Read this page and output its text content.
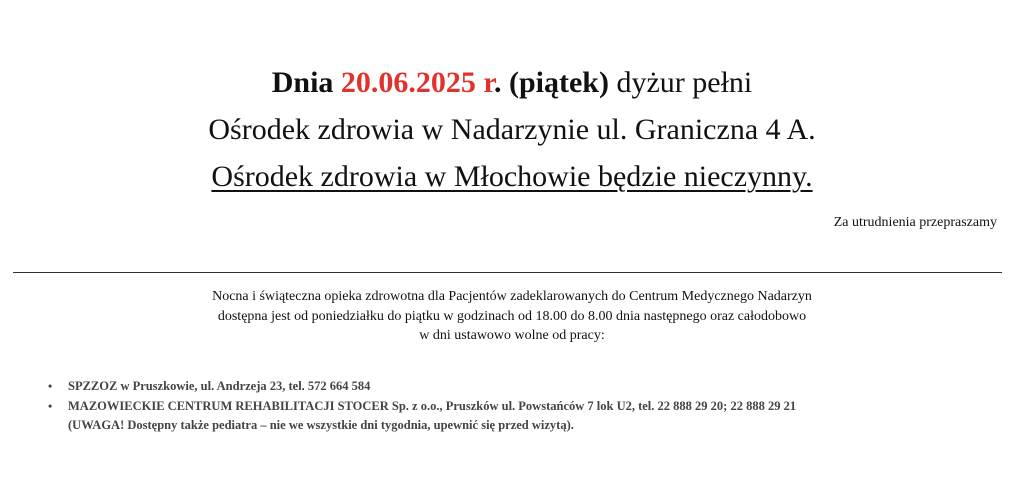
Dnia 20.06.2025 r. (piątek) dyżur pełni
Ośrodek zdrowia w Nadarzynie ul. Graniczna 4 A.
Ośrodek zdrowia w Młochowie będzie nieczynny.
Za utrudnienia przepraszamy
Nocna i świąteczna opieka zdrowotna dla Pacjentów zadeklarowanych do Centrum Medycznego Nadarzyn
dostępna jest od poniedziałku do piątku w godzinach od 18.00 do 8.00 dnia następnego oraz całodobowo
w dni ustawowo wolne od pracy:
• SPZZOZ w Pruszkowie, ul. Andrzeja 23, tel. 572 664 584
• MAZOWIECKIE CENTRUM REHABILITACJI STOCER Sp. z o.o., Pruszków ul. Powstańców 7 lok U2, tel. 22 888 29 20; 22 888 29 21
(UWAGA! Dostępny także pediatra – nie we wszystkie dni tygodnia, upewnić się przed wizytą).
